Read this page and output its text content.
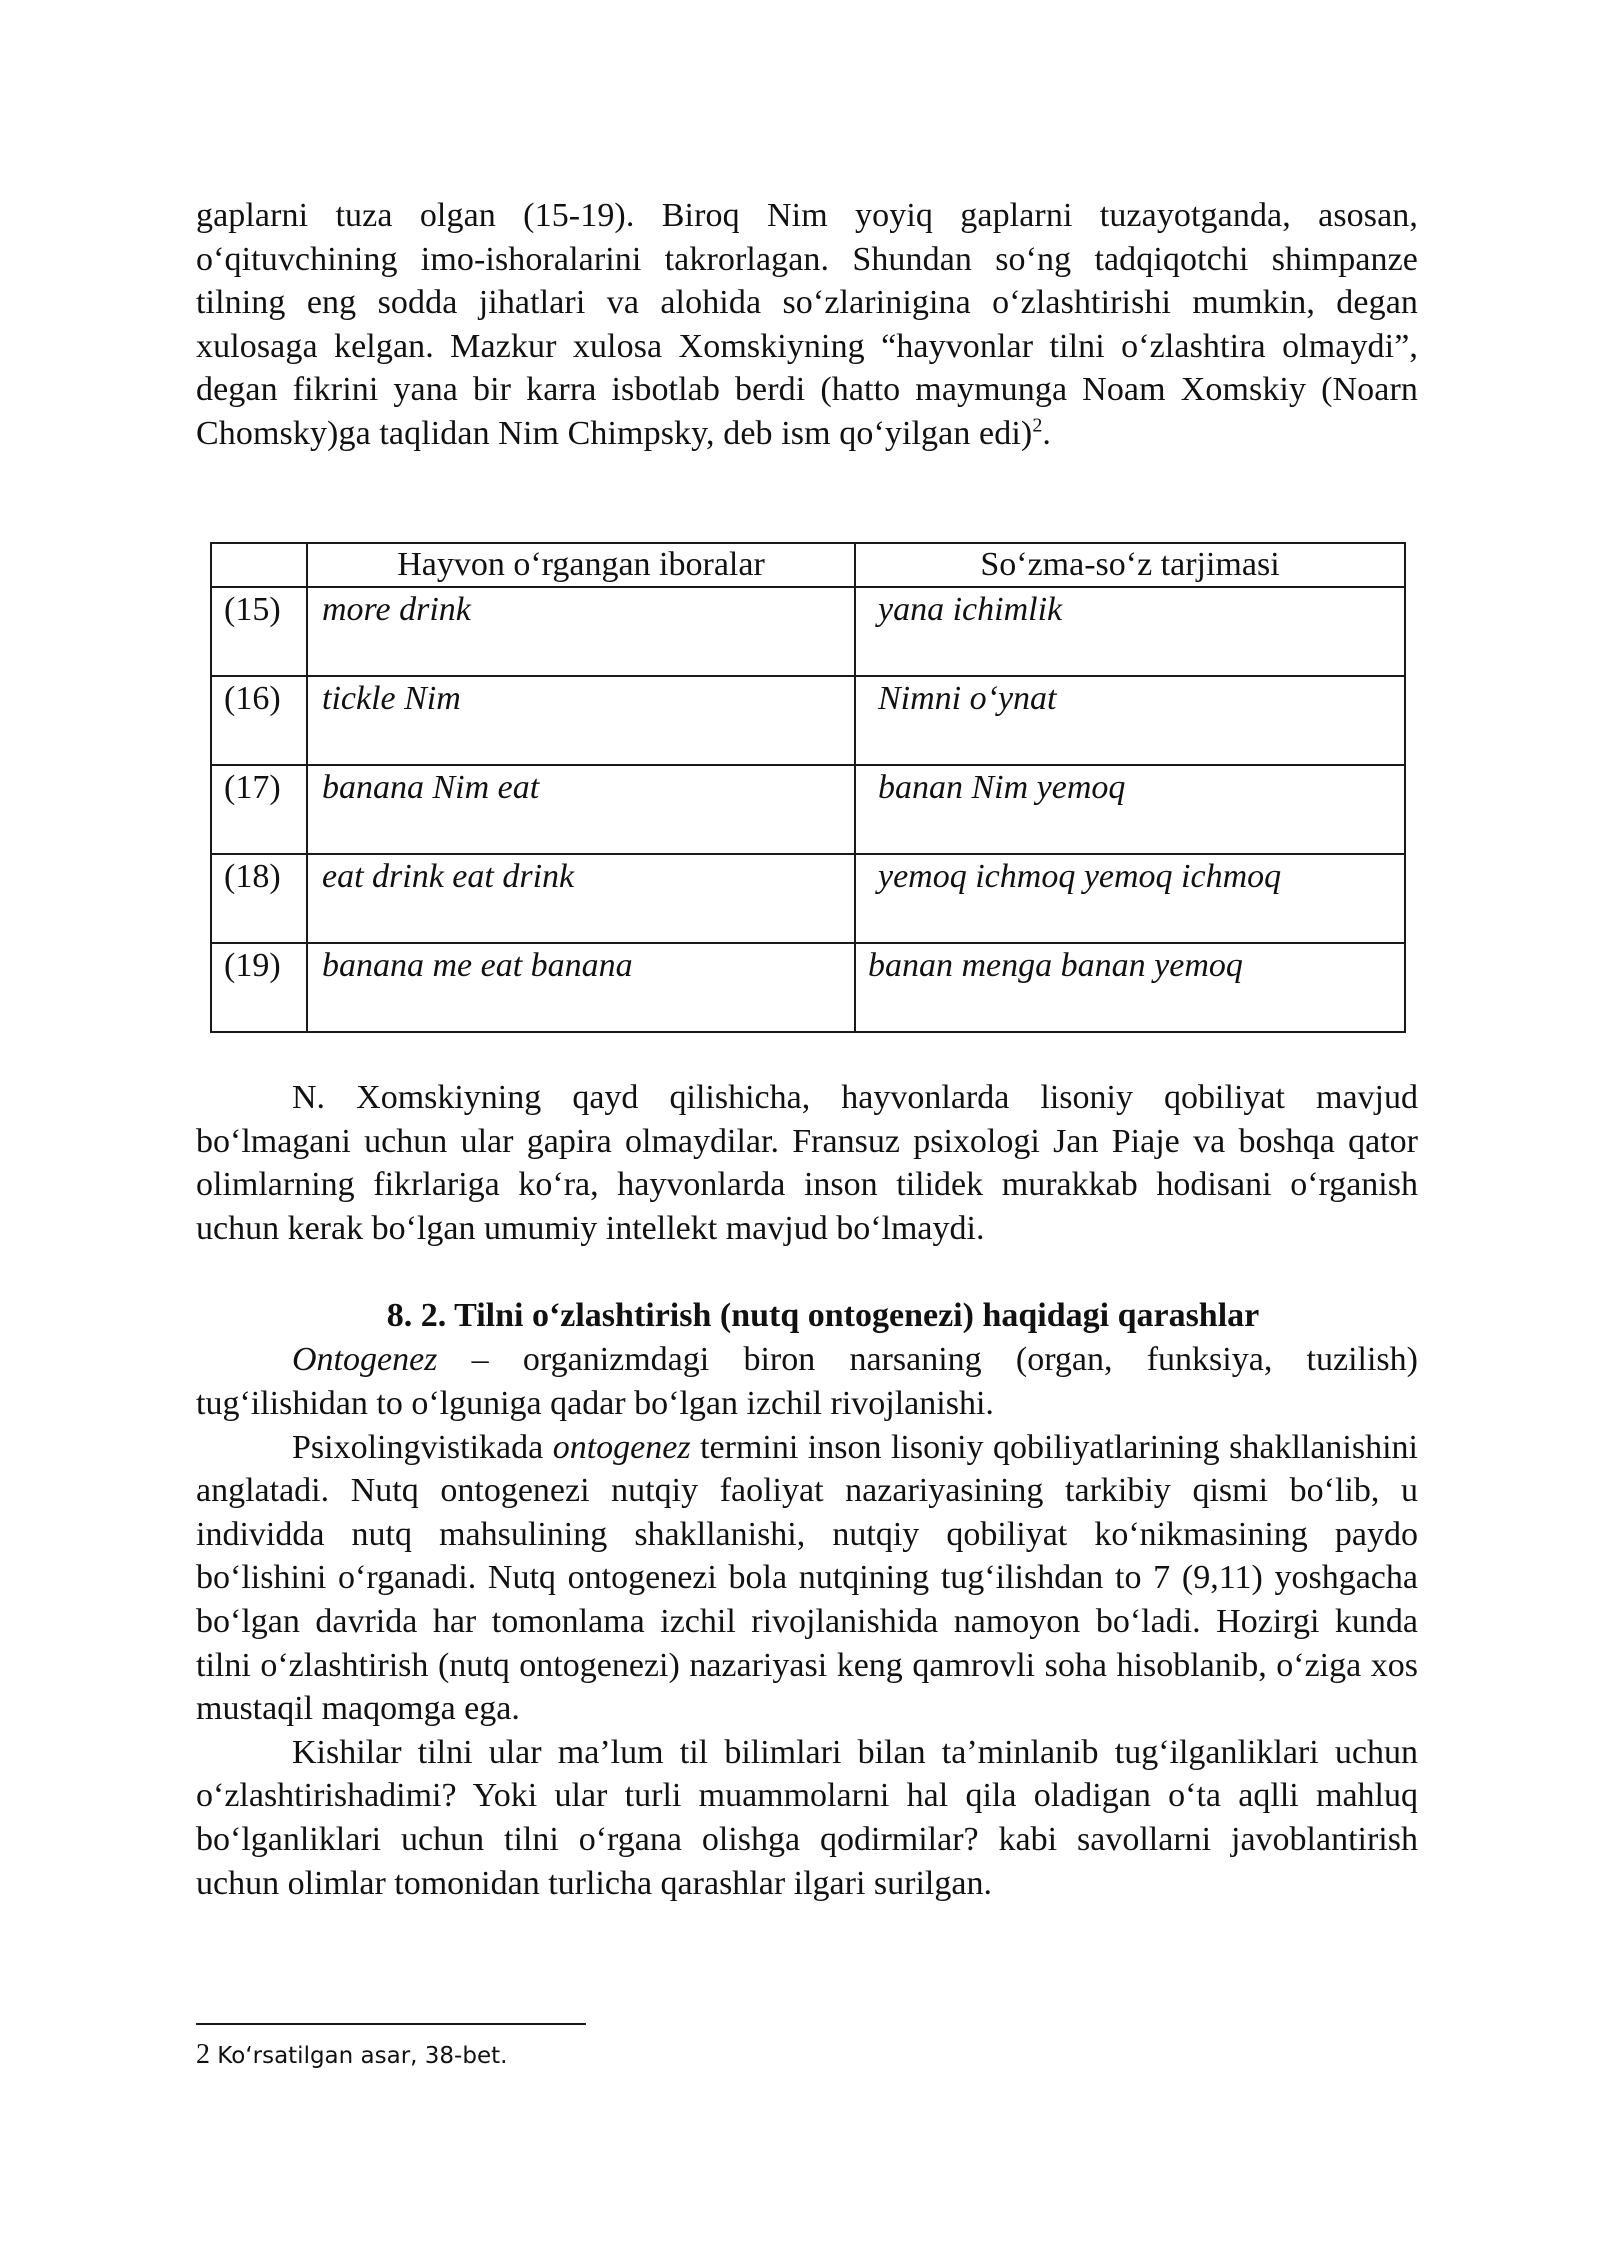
gaplarni tuza olgan (15-19). Biroq Nim yoyiq gaplarni tuzayotganda, asosan, o‘qituvchining imo-ishoralarini takrorlagan. Shundan so‘ng tadqiqotchi shimpanze tilning eng sodda jihatlari va alohida so‘zlariniginа o‘zlashtirishi mumkin, degan xulosaga kelgan. Mazkur xulosa Xomskiyning “hayvonlar tilni o‘zlashtira olmaydi”, degan fikrini yana bir karra isbotlab berdi (hatto maymunga Noam Xomskiy (Noarn Chomsky)ga taqlidan Nim Chimpsky, deb ism qo‘yilgan edi)$^2$.

	Hayvon o‘rgangan iboralar	So‘zma-so‘z tarjimasi

(15)	more drink	yana ichimlik

(16)	tickle Nim	Nimni o‘ynat

(17)	banana Nim eat	banan Nim yemoq

(18)	eat drink eat drink	yemoq ichmoq yemoq ichmoq

(19)	banana me eat banana	banan menga banan yemoq

N. Xomskiyning qayd qilishicha, hayvonlarda lisoniy qobiliyat mavjud bo‘lmagani uchun ular gapira olmaydilar. Fransuz psixologi Jan Piaje va boshqa qator olimlarning fikrlariga ko‘ra, hayvonlarda inson tilidek murakkab hodisani o‘rganish uchun kerak bo‘lgan umumiy intellekt mavjud bo‘lmaydi.

8. 2. Tilni o‘zlashtirish (nutq ontogenezi) haqidagi qarashlar

Ontogenez – organizmdagi biron narsaning (organ, funksiya, tuzilish) tug‘ilishidan to o‘lguniga qadar bo‘lgan izchil rivojlanishi.

Psixolingvistikada ontogenez termini inson lisoniy qobiliyatlarining shakllanishini anglatadi. Nutq ontogenezi nutqiy faoliyat nazariyasining tarkibiy qismi bo‘lib, u individda nutq mahsulining shakllanishi, nutqiy qobiliyat ko‘nikmasining paydo bo‘lishini o‘rganadi. Nutq ontogenezi bola nutqining tug‘ilishdan to 7 (9,11) yoshgacha bo‘lgan davrida har tomonlama izchil rivojlanishida namoyon bo‘ladi. Hozirgi kunda tilni o‘zlashtirish (nutq ontogenezi) nazariyasi keng qamrovli soha hisoblanib, o‘ziga xos mustaqil maqomga ega.

Kishilar tilni ular ma’lum til bilimlari bilan ta’minlanib tug‘ilganliklari uchun o‘zlashtirishadimi? Yoki ular turli muammolarni hal qila oladigan o‘ta aqlli mahluq bo‘lganliklari uchun tilni o‘rgana olishga qodirmilar? kabi savollarni javoblantirish uchun olimlar tomonidan turlicha qarashlar ilgari surilgan.

2 Ko‘rsatilgan asar, 38-bet.
